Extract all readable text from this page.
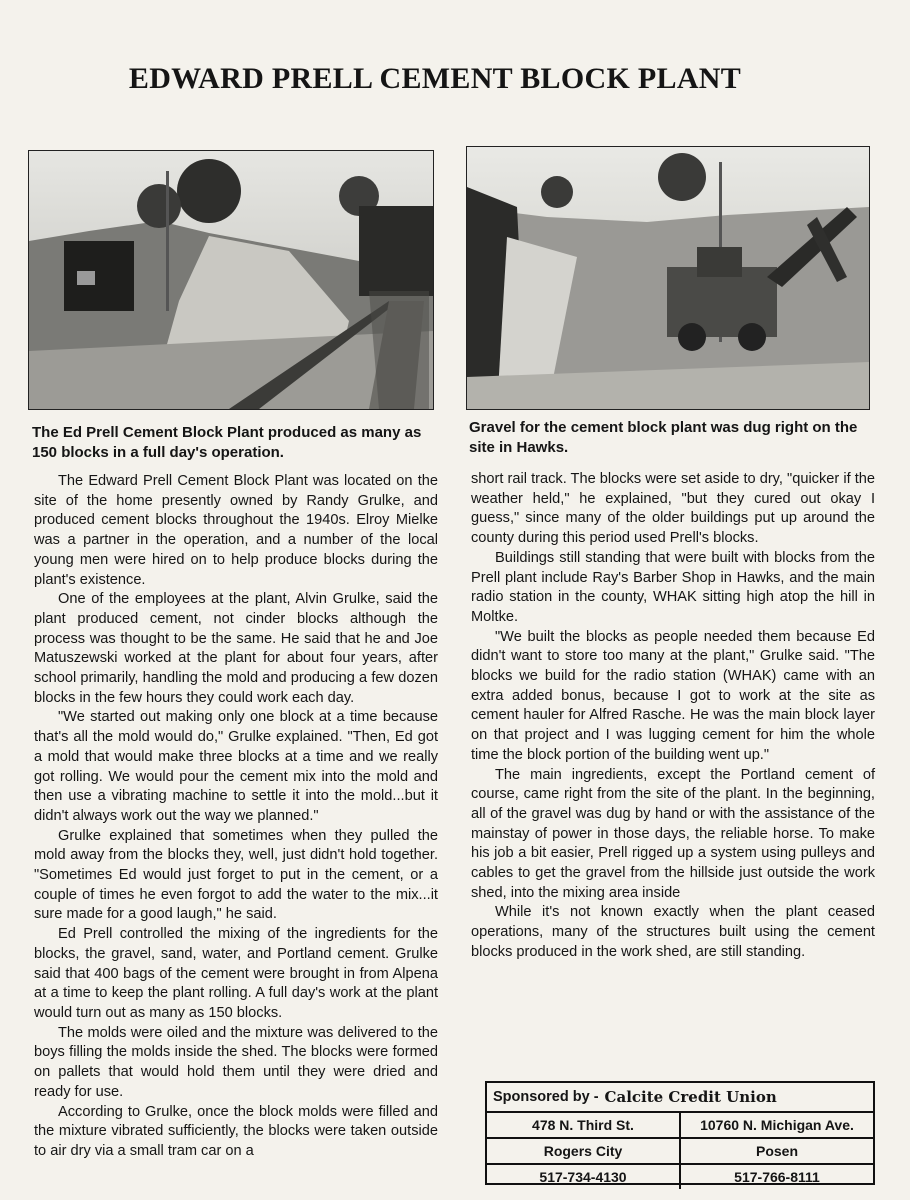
EDWARD PRELL CEMENT BLOCK PLANT
The Ed Prell Cement Block Plant produced as many as 150 blocks in a full day's operation.
Gravel for the cement block plant was dug right on the site in Hawks.

The Edward Prell Cement Block Plant was located on the site of the home presently owned by Randy Grulke, and produced cement blocks throughout the 1940s. Elroy Mielke was a partner in the operation, and a number of the local young men were hired on to help produce blocks during the plant's existence.

One of the employees at the plant, Alvin Grulke, said the plant produced cement, not cinder blocks although the process was thought to be the same. He said that he and Joe Matuszewski worked at the plant for about four years, after school primarily, handling the mold and producing a few dozen blocks in the few hours they could work each day.

"We started out making only one block at a time because that's all the mold would do," Grulke explained. "Then, Ed got a mold that would make three blocks at a time and we really got rolling. We would pour the cement mix into the mold and then use a vibrating machine to settle it into the mold...but it didn't always work out the way we planned."

Grulke explained that sometimes when they pulled the mold away from the blocks they, well, just didn't hold together. "Sometimes Ed would just forget to put in the cement, or a couple of times he even forgot to add the water to the mix...it sure made for a good laugh," he said.

Ed Prell controlled the mixing of the ingredients for the blocks, the gravel, sand, water, and Portland cement. Grulke said that 400 bags of the cement were brought in from Alpena at a time to keep the plant rolling. A full day's work at the plant would turn out as many as 150 blocks.

The molds were oiled and the mixture was delivered to the boys filling the molds inside the shed. The blocks were formed on pallets that would hold them until they were dried and ready for use.

According to Grulke, once the block molds were filled and the mixture vibrated sufficiently, the blocks were taken outside to air dry via a small tram car on a

short rail track. The blocks were set aside to dry, "quicker if the weather held," he explained, "but they cured out okay I guess," since many of the older buildings put up around the county during this period used Prell's blocks.

Buildings still standing that were built with blocks from the Prell plant include Ray's Barber Shop in Hawks, and the main radio station in the county, WHAK sitting high atop the hill in Moltke.

"We built the blocks as people needed them because Ed didn't want to store too many at the plant," Grulke said. "The blocks we build for the radio station (WHAK) came with an extra added bonus, because I got to work at the site as cement hauler for Alfred Rasche. He was the main block layer on that project and I was lugging cement for him the whole time the block portion of the building went up."

The main ingredients, except the Portland cement of course, came right from the site of the plant. In the beginning, all of the gravel was dug by hand or with the assistance of the mainstay of power in those days, the reliable horse. To make his job a bit easier, Prell rigged up a system using pulleys and cables to get the gravel from the hillside just outside the work shed, into the mixing area inside

While it's not known exactly when the plant ceased operations, many of the structures built using the cement blocks produced in the work shed, are still standing.

Sponsored by - Calcite Credit Union
478 N. Third St.	10760 N. Michigan Ave.
Rogers City	Posen
517-734-4130	517-766-8111
